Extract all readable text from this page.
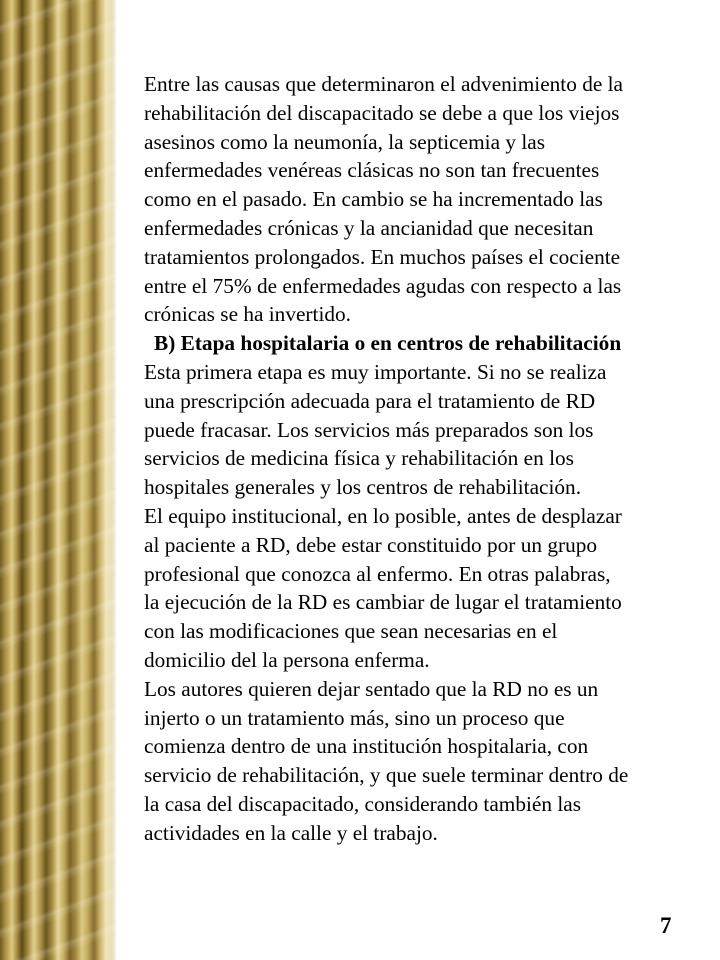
Entre las causas que determinaron el advenimiento de la
rehabilitación del discapacitado se debe a que los viejos
asesinos como la neumonía, la septicemia y las
enfermedades venéreas clásicas no son tan frecuentes
como en el pasado. En cambio se ha incrementado las
enfermedades crónicas y la ancianidad que necesitan
tratamientos prolongados. En muchos países el cociente
entre el 75% de enfermedades agudas con respecto a las
crónicas se ha invertido.
B) Etapa hospitalaria o en centros de rehabilitación
Esta primera etapa es muy importante. Si no se realiza
una prescripción adecuada para el tratamiento de RD
puede fracasar. Los servicios más preparados son los
servicios de medicina física y rehabilitación en los
hospitales generales y los centros de rehabilitación.
El equipo institucional, en lo posible, antes de desplazar
al paciente a RD, debe estar constituido por un grupo
profesional que conozca al enfermo. En otras palabras,
la ejecución de la RD es cambiar de lugar el tratamiento
con las modificaciones que sean necesarias en el
domicilio del la persona enferma.
Los autores quieren dejar sentado que la RD no es un
injerto o un tratamiento más, sino un proceso que
comienza dentro de una institución hospitalaria, con
servicio de rehabilitación, y que suele terminar dentro de
la casa del discapacitado, considerando también las
actividades en la calle y el trabajo.
7
